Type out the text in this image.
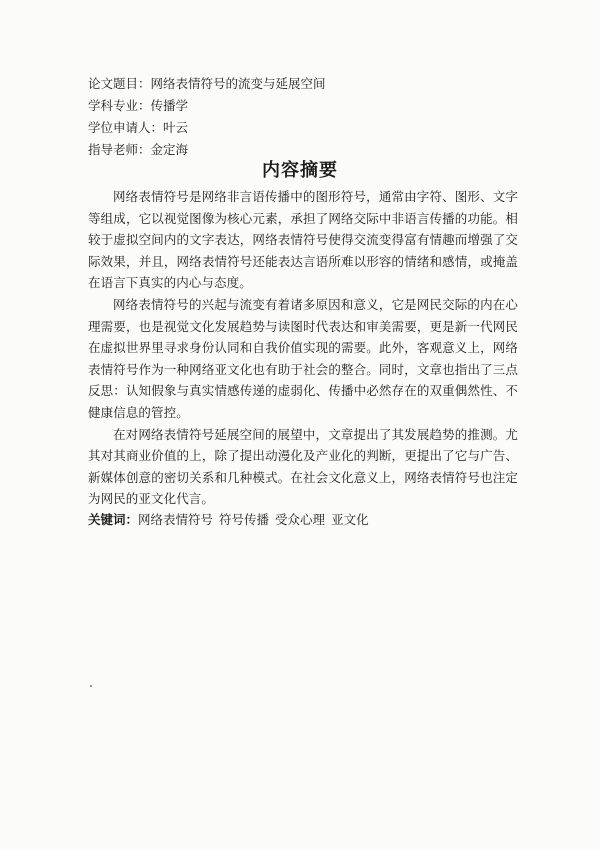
论文题目：网络表情符号的流变与延展空间
学科专业：传播学
学位申请人：叶云
指导老师：金定海
内容摘要

网络表情符号是网络非言语传播中的图形符号，通常由字符、图形、文字等组成，它以视觉图像为核心元素，承担了网络交际中非语言传播的功能。相较于虚拟空间内的文字表达，网络表情符号使得交流变得富有情趣而增强了交际效果，并且，网络表情符号还能表达言语所难以形容的情绪和感情，或掩盖在语言下真实的内心与态度。

网络表情符号的兴起与流变有着诸多原因和意义，它是网民交际的内在心理需要，也是视觉文化发展趋势与读图时代表达和审美需要，更是新一代网民在虚拟世界里寻求身份认同和自我价值实现的需要。此外，客观意义上，网络表情符号作为一种网络亚文化也有助于社会的整合。同时，文章也指出了三点反思：认知假象与真实情感传递的虚弱化、传播中必然存在的双重偶然性、不健康信息的管控。

在对网络表情符号延展空间的展望中，文章提出了其发展趋势的推测。尤其对其商业价值的上，除了提出动漫化及产业化的判断，更提出了它与广告、新媒体创意的密切关系和几种模式。在社会文化意义上，网络表情符号也注定为网民的亚文化代言。

关键词：网络表情符号 符号传播 受众心理 亚文化
